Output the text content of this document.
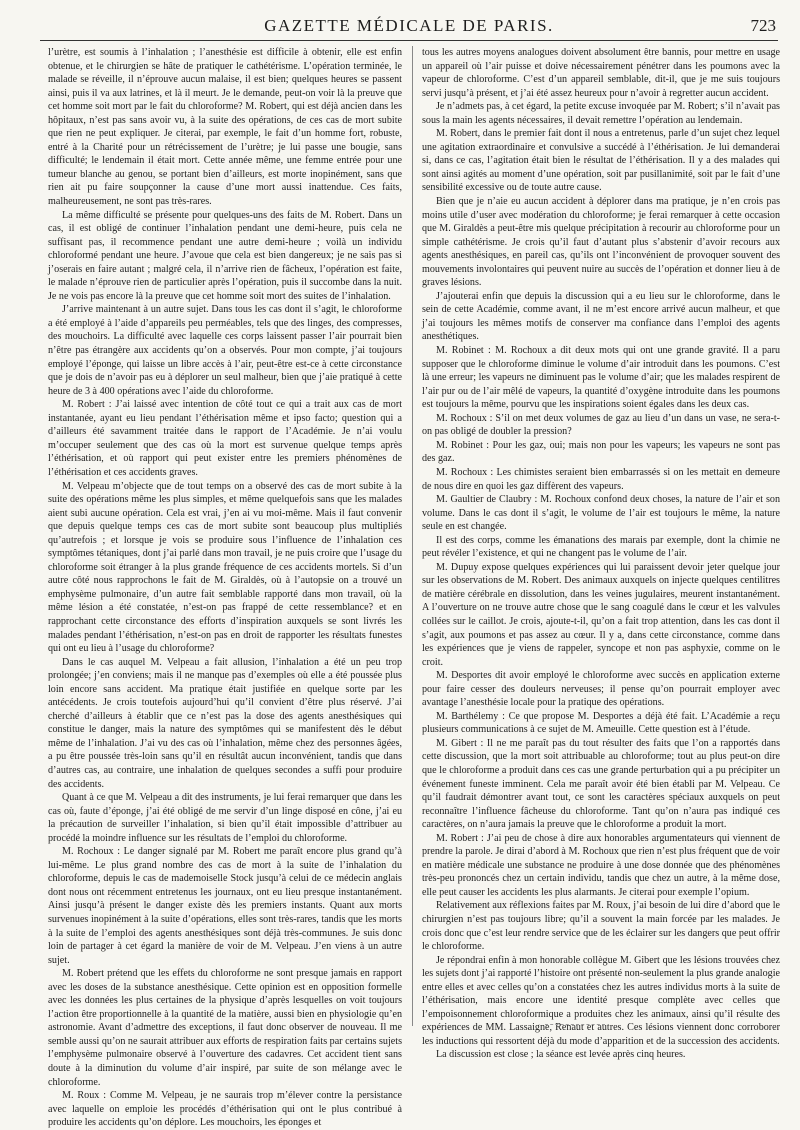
GAZETTE MÉDICALE DE PARIS.	723

l’urètre, est soumis à l’inhalation ; l’anesthésie est difficile à obtenir, elle est enfin obtenue, et le chirurgien se hâte de pratiquer le cathétérisme. L’opération terminée, le malade se réveille, il n’éprouve aucun malaise, il est bien; quelques heures se passent ainsi, puis il va aux latrines, et là il meurt. Je le demande, peut-on voir là la preuve que cet homme soit mort par le fait du chloroforme? M. Robert, qui est déjà ancien dans les hôpitaux, n’est pas sans avoir vu, à la suite des opérations, de ces cas de mort subite que rien ne peut expliquer. Je citerai, par exemple, le fait d’un homme fort, robuste, entré à la Charité pour un rétrécissement de l’urètre; je lui passe une bougie, sans difficulté; le lendemain il était mort. Cette année même, une femme entrée pour une tumeur blanche au genou, se portant bien d’ailleurs, est morte inopinément, sans que rien ait pu faire soupçonner la cause d’une mort aussi inattendue. Ces faits, malheureusement, ne sont pas très-rares.

La même difficulté se présente pour quelques-uns des faits de M. Robert. Dans un cas, il est obligé de continuer l’inhalation pendant une demi-heure, puis cela ne suffisant pas, il recommence pendant une autre demi-heure ; voilà un individu chloroformé pendant une heure. J’avoue que cela est bien dangereux; je ne sais pas si j’oserais en faire autant ; malgré cela, il n’arrive rien de fâcheux, l’opération est faite, le malade n’éprouve rien de particulier après l’opération, puis il succombe dans la nuit. Je ne vois pas encore là la preuve que cet homme soit mort des suites de l’inhalation.

J’arrive maintenant à un autre sujet. Dans tous les cas dont il s’agit, le chloroforme a été employé à l’aide d’appareils peu perméables, tels que des linges, des compresses, des mouchoirs. La difficulté avec laquelle ces corps laissent passer l’air pourrait bien n’être pas étrangère aux accidents qu’on a observés. Pour mon compte, j’ai toujours employé l’éponge, qui laisse un libre accès à l’air, peut-être est-ce à cette circonstance que je dois de n’avoir pas eu à déplorer un seul malheur, bien que j’aie pratiqué à cette heure de 3 à 400 opérations avec l’aide du chloroforme.

M. Robert : J’ai laissé avec intention de côté tout ce qui a trait aux cas de mort instantanée, ayant eu lieu pendant l’éthérisation même et ipso facto; question qui a d’ailleurs été savamment traitée dans le rapport de l’Académie. Je n’ai voulu m’occuper seulement que des cas où la mort est survenue quelque temps après l’éthérisation, et où rapport qui peut exister entre les premiers phénomènes de l’éthérisation et ces accidents graves.

M. Velpeau m’objecte que de tout temps on a observé des cas de mort subite à la suite des opérations même les plus simples, et même quelquefois sans que les malades aient subi aucune opération. Cela est vrai, j’en ai vu moi-même. Mais il faut convenir que depuis quelque temps ces cas de mort subite sont beaucoup plus multipliés qu’autrefois ; et lorsque je vois se produire sous l’influence de l’inhalation ces symptômes tétaniques, dont j’ai parlé dans mon travail, je ne puis croire que l’usage du chloroforme soit étranger à la plus grande fréquence de ces accidents mortels. Si d’un autre côté nous rapprochons le fait de M. Giraldès, où à l’autopsie on a trouvé un emphysème pulmonaire, d’un autre fait semblable rapporté dans mon travail, où la même lésion a été constatée, n’est-on pas frappé de cette ressemblance? et en rapprochant cette circonstance des efforts d’inspiration auxquels se sont livrés les malades pendant l’éthérisation, n’est-on pas en droit de rapporter les résultats funestes qui ont eu lieu à l’usage du chloroforme?

Dans le cas auquel M. Velpeau a fait allusion, l’inhalation a été un peu trop prolongée; j’en conviens; mais il ne manque pas d’exemples où elle a été poussée plus loin encore sans accident. Ma pratique était justifiée en quelque sorte par les antécédents. Je crois toutefois aujourd’hui qu’il convient d’être plus réservé. J’ai cherché d’ailleurs à établir que ce n’est pas la dose des agents anesthésiques qui constitue le danger, mais la nature des symptômes qui se manifestent dès le début même de l’inhalation. J’ai vu des cas où l’inhalation, même chez des personnes âgées, a pu être poussée très-loin sans qu’il en résultât aucun inconvénient, tandis que dans d’autres cas, au contraire, une inhalation de quelques secondes a suffi pour produire des accidents.

Quant à ce que M. Velpeau a dit des instruments, je lui ferai remarquer que dans les cas où, faute d’éponge, j’ai été obligé de me servir d’un linge disposé en cône, j’ai eu la précaution de surveiller l’inhalation, si bien qu’il était impossible d’attribuer au procédé la moindre influence sur les résultats de l’emploi du chloroforme.

M. Rochoux : Le danger signalé par M. Robert me paraît encore plus grand qu’à lui-même. Le plus grand nombre des cas de mort à la suite de l’inhalation du chloroforme, depuis le cas de mademoiselle Stock jusqu’à celui de ce médecin anglais dont nous ont récemment entretenus les journaux, ont eu lieu presque instantanément. Ainsi jusqu’à présent le danger existe dès les premiers instants. Quant aux morts survenues inopinément à la suite d’opérations, elles sont très-rares, tandis que les morts à la suite de l’emploi des agents anesthésiques sont déjà très-communes. Je suis donc loin de partager à cet égard la manière de voir de M. Velpeau. J’en viens à un autre sujet.

M. Robert prétend que les effets du chloroforme ne sont presque jamais en rapport avec les doses de la substance anesthésique. Cette opinion est en opposition formelle avec les données les plus certaines de la physique d’après lesquelles on voit toujours l’action être proportionnelle à la quantité de la matière, aussi bien en physiologie qu’en astronomie. Avant d’admettre des exceptions, il faut donc observer de nouveau. Il me semble aussi qu’on ne saurait attribuer aux efforts de respiration faits par certains sujets l’emphysème pulmonaire observé à l’ouverture des cadavres. Cet accident tient sans doute à la diminution du volume d’air inspiré, par suite de son mélange avec le chloroforme.

M. Roux : Comme M. Velpeau, je ne saurais trop m’élever contre la persistance avec laquelle on emploie les procédés d’éthérisation qui ont le plus contribué à produire les accidents qu’on déplore. Les mouchoirs, les éponges et

tous les autres moyens analogues doivent absolument être bannis, pour mettre en usage un appareil où l’air puisse et doive nécessairement pénétrer dans les poumons avec la vapeur de chloroforme. C’est d’un appareil semblable, dit-il, que je me suis toujours servi jusqu’à présent, et j’ai été assez heureux pour n’avoir à regretter aucun accident.

Je n’admets pas, à cet égard, la petite excuse invoquée par M. Robert; s’il n’avait pas sous la main les agents nécessaires, il devait remettre l’opération au lendemain.

M. Robert, dans le premier fait dont il nous a entretenus, parle d’un sujet chez lequel une agitation extraordinaire et convulsive a succédé à l’éthérisation. Je lui demanderai si, dans ce cas, l’agitation était bien le résultat de l’éthérisation. Il y a des malades qui sont ainsi agités au moment d’une opération, soit par pusillanimité, soit par le fait d’une sensibilité excessive ou de toute autre cause.

Bien que je n’aie eu aucun accident à déplorer dans ma pratique, je n’en crois pas moins utile d’user avec modération du chloroforme; je ferai remarquer à cette occasion que M. Giraldès a peut-être mis quelque précipitation à recourir au chloroforme pour un simple cathétérisme. Je crois qu’il faut d’autant plus s’abstenir d’avoir recours aux agents anesthésiques, en pareil cas, qu’ils ont l’inconvénient de provoquer souvent des mouvements involontaires qui peuvent nuire au succès de l’opération et donner lieu à de graves lésions.

J’ajouterai enfin que depuis la discussion qui a eu lieu sur le chloroforme, dans le sein de cette Académie, comme avant, il ne m’est encore arrivé aucun malheur, et que j’ai toujours les mêmes motifs de conserver ma confiance dans l’emploi des agents anesthétiques.

M. Robinet : M. Rochoux a dit deux mots qui ont une grande gravité. Il a paru supposer que le chloroforme diminue le volume d’air introduit dans les poumons. C’est là une erreur; les vapeurs ne diminuent pas le volume d’air; que les malades respirent de l’air pur ou de l’air mêlé de vapeurs, la quantité d’oxygène introduite dans les poumons est toujours la même, pourvu que les inspirations soient égales dans les deux cas.

M. Rochoux : S’il on met deux volumes de gaz au lieu d’un dans un vase, ne sera-t-on pas obligé de doubler la pression?

M. Robinet : Pour les gaz, oui; mais non pour les vapeurs; les vapeurs ne sont pas des gaz.

M. Rochoux : Les chimistes seraient bien embarrassés si on les mettait en demeure de nous dire en quoi les gaz diffèrent des vapeurs.

M. Gaultier de Claubry : M. Rochoux confond deux choses, la nature de l’air et son volume. Dans le cas dont il s’agit, le volume de l’air est toujours le même, la nature seule en est changée.

Il est des corps, comme les émanations des marais par exemple, dont la chimie ne peut révéler l’existence, et qui ne changent pas le volume de l’air.

M. Dupuy expose quelques expériences qui lui paraissent devoir jeter quelque jour sur les observations de M. Robert. Des animaux auxquels on injecte quelques centilitres de matière cérébrale en dissolution, dans les veines jugulaires, meurent instantanément. A l’ouverture on ne trouve autre chose que le sang coagulé dans le cœur et les valvules collées sur le caillot. Je crois, ajoute-t-il, qu’on a fait trop attention, dans les cas dont il s’agit, aux poumons et pas assez au cœur. Il y a, dans cette circonstance, comme dans les expériences que je viens de rappeler, syncope et non pas asphyxie, comme on le croit.

M. Desportes dit avoir employé le chloroforme avec succès en application externe pour faire cesser des douleurs nerveuses; il pense qu’on pourrait employer avec avantage l’anesthésie locale pour la pratique des opérations.

M. Barthélemy : Ce que propose M. Desportes a déjà été fait. L’Académie a reçu plusieurs communications à ce sujet de M. Ameuille. Cette question est à l’étude.

M. Gibert : Il ne me paraît pas du tout résulter des faits que l’on a rapportés dans cette discussion, que la mort soit attribuable au chloroforme; tout au plus peut-on dire que le chloroforme a produit dans ces cas une grande perturbation qui a pu précipiter un événement funeste imminent. Cela me paraît avoir été bien établi par M. Velpeau. Ce qu’il faudrait démontrer avant tout, ce sont les caractères spéciaux auxquels on peut reconnaître l’influence fâcheuse du chloroforme. Tant qu’on n’aura pas indiqué ces caractères, on n’aura jamais la preuve que le chloroforme a produit la mort.

M. Robert : J’ai peu de chose à dire aux honorables argumentateurs qui viennent de prendre la parole. Je dirai d’abord à M. Rochoux que rien n’est plus fréquent que de voir en matière médicale une substance ne produire à une dose donnée que des phénomènes très-peu prononcés chez un certain individu, tandis que chez un autre, à la même dose, elle peut causer les accidents les plus alarmants. Je citerai pour exemple l’opium.

Relativement aux réflexions faites par M. Roux, j’ai besoin de lui dire d’abord que le chirurgien n’est pas toujours libre; qu’il a souvent la main forcée par les malades. Je crois donc que c’est leur rendre service que de les éclairer sur les dangers que peut offrir le chloroforme.

Je répondrai enfin à mon honorable collègue M. Gibert que les lésions trouvées chez les sujets dont j’ai rapporté l’histoire ont présenté non-seulement la plus grande analogie entre elles et avec celles qu’on a constatées chez les autres individus morts à la suite de l’éthérisation, mais encore une identité presque complète avec celles que l’empoisonnement chloroformique a produites chez les animaux, ainsi qu’il résulte des expériences de MM. Lassaigne, Renaut et autres. Ces lésions viennent donc corroborer les inductions qui ressortent déjà du mode d’apparition et de la succession des accidents.

La discussion est close ; la séance est levée après cinq heures.
